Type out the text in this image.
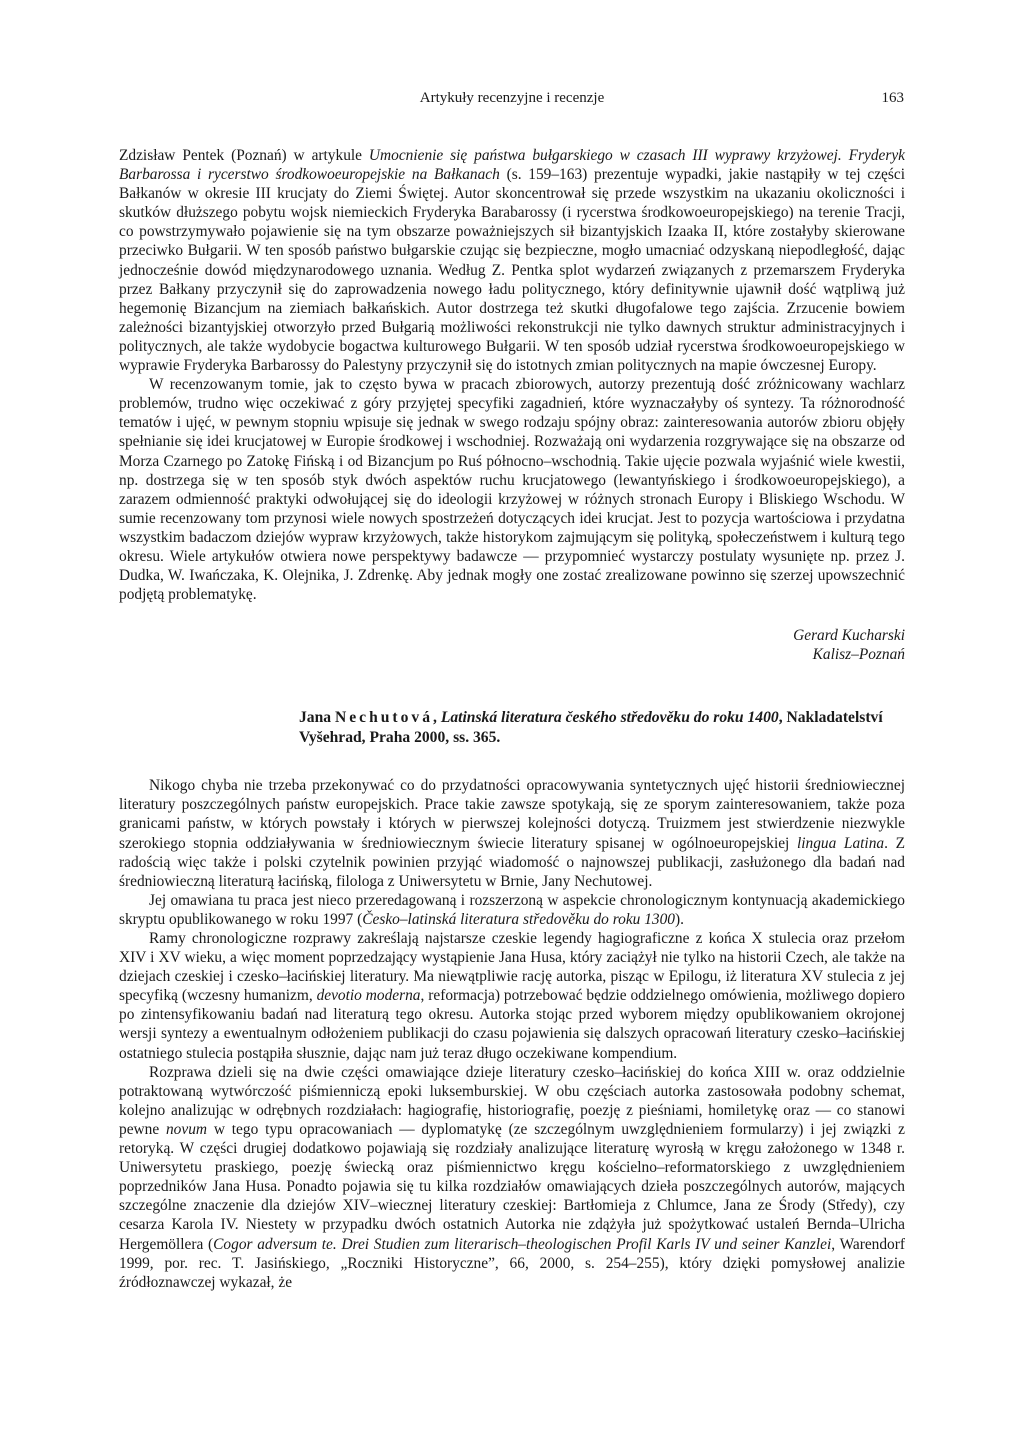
Artykuły recenzyjne i recenzje	163

Zdzisław Pentek (Poznań) w artykule Umocnienie się państwa bułgarskiego w czasach III wyprawy krzyżowej. Fryderyk Barbarossa i rycerstwo środkowoeuropejskie na Bałkanach (s. 159–163) prezentuje wypadki, jakie nastąpiły w tej części Bałkanów w okresie III krucjaty do Ziemi Świętej. Autor skoncentrował się przede wszystkim na ukazaniu okoliczności i skutków dłuższego pobytu wojsk niemieckich Fryderyka Barabarossy (i rycerstwa środkowoeuropejskiego) na terenie Tracji, co powstrzymywało pojawienie się na tym obszarze poważniejszych sił bizantyjskich Izaaka II, które zostałyby skierowane przeciwko Bułgarii. W ten sposób państwo bułgarskie czując się bezpieczne, mogło umacniać odzyskaną niepodległość, dając jednocześnie dowód międzynarodowego uznania. Według Z. Pentka splot wydarzeń związanych z przemarszem Fryderyka przez Bałkany przyczynił się do zaprowadzenia nowego ładu politycznego, który definitywnie ujawnił dość wątpliwą już hegemonię Bizancjum na ziemiach bałkańskich. Autor dostrzega też skutki długofalowe tego zajścia. Zrzucenie bowiem zależności bizantyjskiej otworzyło przed Bułgarią możliwości rekonstrukcji nie tylko dawnych struktur administracyjnych i politycznych, ale także wydobycie bogactwa kulturowego Bułgarii. W ten sposób udział rycerstwa środkowoeuropejskiego w wyprawie Fryderyka Barbarossy do Palestyny przyczynił się do istotnych zmian politycznych na mapie ówczesnej Europy.

W recenzowanym tomie, jak to często bywa w pracach zbiorowych, autorzy prezentują dość zróżnicowany wachlarz problemów, trudno więc oczekiwać z góry przyjętej specyfiki zagadnień, które wyznaczałyby oś syntezy. Ta różnorodność tematów i ujęć, w pewnym stopniu wpisuje się jednak w swego rodzaju spójny obraz: zainteresowania autorów zbioru objęły spełnianie się idei krucjatowej w Europie środkowej i wschodniej. Rozważają oni wydarzenia rozgrywające się na obszarze od Morza Czarnego po Zatokę Fińską i od Bizancjum po Ruś północno–wschodnią. Takie ujęcie pozwala wyjaśnić wiele kwestii, np. dostrzega się w ten sposób styk dwóch aspektów ruchu krucjatowego (lewantyńskiego i środkowoeuropejskiego), a zarazem odmienność praktyki odwołującej się do ideologii krzyżowej w różnych stronach Europy i Bliskiego Wschodu. W sumie recenzowany tom przynosi wiele nowych spostrzeżeń dotyczących idei krucjat. Jest to pozycja wartościowa i przydatna wszystkim badaczom dziejów wypraw krzyżowych, także historykom zajmującym się polityką, społeczeństwem i kulturą tego okresu. Wiele artykułów otwiera nowe perspektywy badawcze — przypomnieć wystarczy postulaty wysunięte np. przez J. Dudka, W. Iwańczaka, K. Olejnika, J. Zdrenkę. Aby jednak mogły one zostać zrealizowane powinno się szerzej upowszechnić podjętą problematykę.

Gerard Kucharski
Kalisz–Poznań
Jana Nechutová, Latinská literatura českého středověku do roku 1400, Nakladatelství Vyšehrad, Praha 2000, ss. 365.

Nikogo chyba nie trzeba przekonywać co do przydatności opracowywania syntetycznych ujęć historii średniowiecznej literatury poszczególnych państw europejskich. Prace takie zawsze spotykają, się ze sporym zainteresowaniem, także poza granicami państw, w których powstały i których w pierwszej kolejności dotyczą. Truizmem jest stwierdzenie niezwykle szerokiego stopnia oddziaływania w średniowiecznym świecie literatury spisanej w ogólnoeuropejskiej lingua Latina. Z radością więc także i polski czytelnik powinien przyjąć wiadomość o najnowszej publikacji, zasłużonego dla badań nad średniowieczną literaturą łacińską, filologa z Uniwersytetu w Brnie, Jany Nechutowej.

Jej omawiana tu praca jest nieco przeredagowaną i rozszerzoną w aspekcie chronologicznym kontynuacją akademickiego skryptu opublikowanego w roku 1997 (Česko–latinská literatura středověku do roku 1300).

Ramy chronologiczne rozprawy zakreślają najstarsze czeskie legendy hagiograficzne z końca X stulecia oraz przełom XIV i XV wieku, a więc moment poprzedzający wystąpienie Jana Husa, który zaciążył nie tylko na historii Czech, ale także na dziejach czeskiej i czesko–łacińskiej literatury. Ma niewątpliwie rację autorka, pisząc w Epilogu, iż literatura XV stulecia z jej specyfiką (wczesny humanizm, devotio moderna, reformacja) potrzebować będzie oddzielnego omówienia, możliwego dopiero po zintensyfikowaniu badań nad literaturą tego okresu. Autorka stojąc przed wyborem między opublikowaniem okrojonej wersji syntezy a ewentualnym odłożeniem publikacji do czasu pojawienia się dalszych opracowań literatury czesko–łacińskiej ostatniego stulecia postąpiła słusznie, dając nam już teraz długo oczekiwane kompendium.

Rozprawa dzieli się na dwie części omawiające dzieje literatury czesko–łacińskiej do końca XIII w. oraz oddzielnie potraktowaną wytwórczość piśmienniczą epoki luksemburskiej. W obu częściach autorka zastosowała podobny schemat, kolejno analizując w odrębnych rozdziałach: hagiografię, historiografię, poezję z pieśniami, homiletykę oraz — co stanowi pewne novum w tego typu opracowaniach — dyplomatykę (ze szczególnym uwzględnieniem formularzy) i jej związki z retoryką. W części drugiej dodatkowo pojawiają się rozdziały analizujące literaturę wyrosłą w kręgu założonego w 1348 r. Uniwersytetu praskiego, poezję świecką oraz piśmiennictwo kręgu kościelno–reformatorskiego z uwzględnieniem poprzedników Jana Husa. Ponadto pojawia się tu kilka rozdziałów omawiających dzieła poszczególnych autorów, mających szczególne znaczenie dla dziejów XIV–wiecznej literatury czeskiej: Bartłomieja z Chlumce, Jana ze Środy (Středy), czy cesarza Karola IV. Niestety w przypadku dwóch ostatnich Autorka nie zdążyła już spożytkować ustaleń Bernda–Ulricha Hergemöllera (Cogor adversum te. Drei Studien zum literarisch–theologischen Profil Karls IV und seiner Kanzlei, Warendorf 1999, por. rec. T. Jasińskiego, „Roczniki Historyczne”, 66, 2000, s. 254–255), który dzięki pomysłowej analizie źródłoznawczej wykazał, że
